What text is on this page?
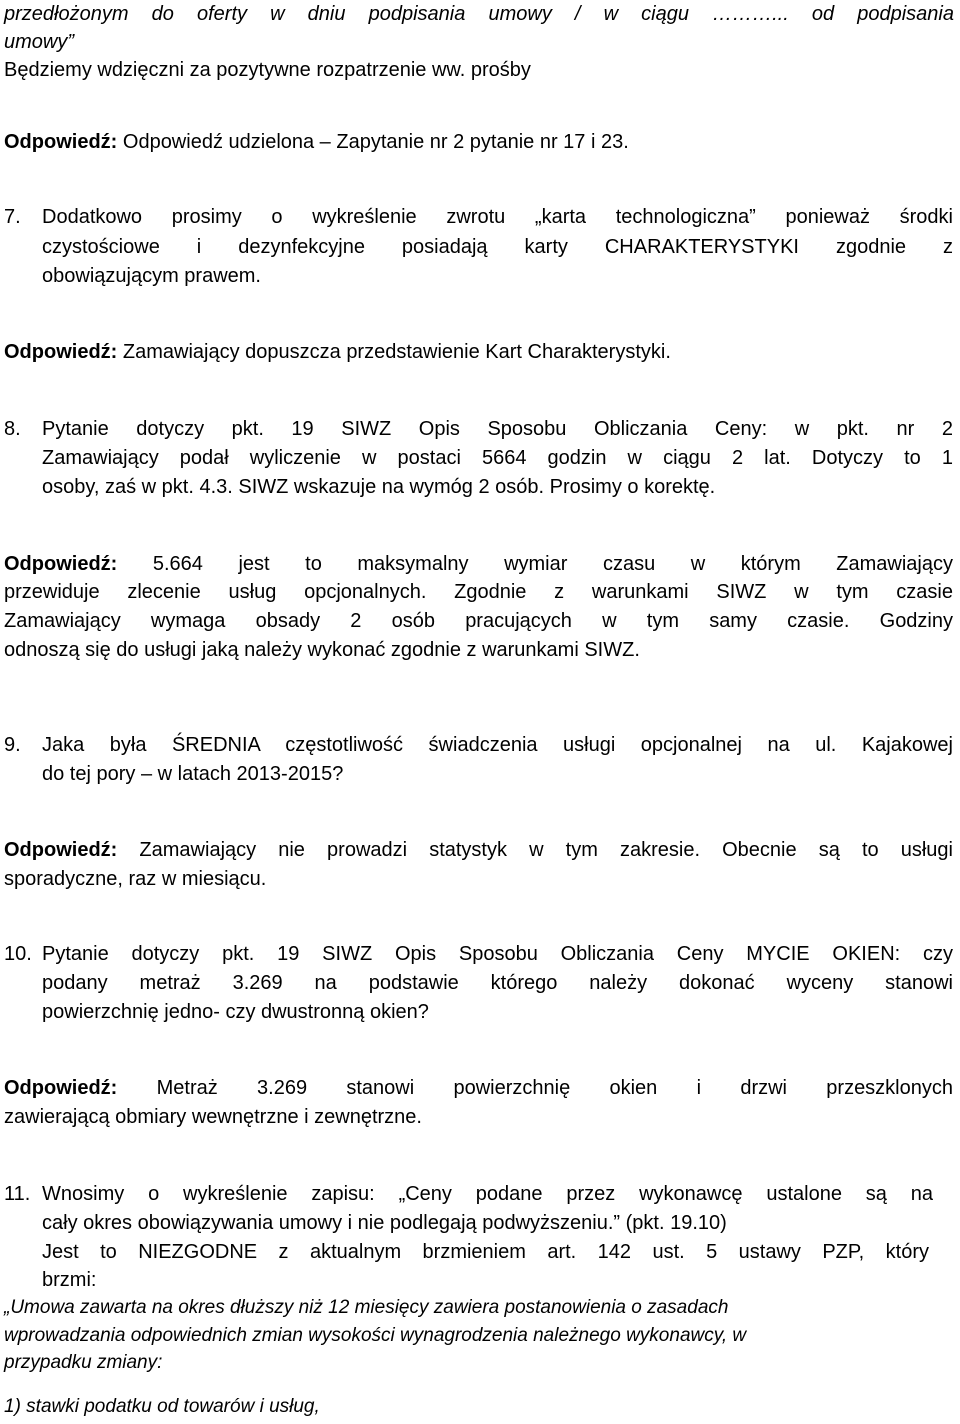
przedłożonym do oferty w dniu podpisania umowy / w ciągu ………... od podpisania
umowy”
Będziemy wdzięczni za pozytywne rozpatrzenie ww. prośby
Odpowiedź: Odpowiedź udzielona – Zapytanie nr 2 pytanie nr 17 i 23.
7. Dodatkowo prosimy o wykreślenie zwrotu „karta technologiczna” ponieważ środki
czystościowe i dezynfekcyjne posiadają karty CHARAKTERYSTYKI zgodnie z
obowiązującym prawem.
Odpowiedź: Zamawiający dopuszcza przedstawienie Kart Charakterystyki.
8. Pytanie dotyczy pkt. 19 SIWZ Opis Sposobu Obliczania Ceny: w pkt. nr 2
Zamawiający podał wyliczenie w postaci 5664 godzin w ciągu 2 lat. Dotyczy to 1
osoby, zaś w pkt. 4.3. SIWZ wskazuje na wymóg 2 osób. Prosimy o korektę.
Odpowiedź: 5.664 jest to maksymalny wymiar czasu w którym Zamawiający
przewiduje zlecenie usług opcjonalnych. Zgodnie z warunkami SIWZ w tym czasie
Zamawiający wymaga obsady 2 osób pracujących w tym samy czasie. Godziny
odnoszą się do usługi jaką należy wykonać zgodnie z warunkami SIWZ.
9. Jaka była ŚREDNIA częstotliwość świadczenia usługi opcjonalnej na ul. Kajakowej
do tej pory – w latach 2013-2015?
Odpowiedź: Zamawiający nie prowadzi statystyk w tym zakresie. Obecnie są to usługi
sporadyczne, raz w miesiącu.
10. Pytanie dotyczy pkt. 19 SIWZ Opis Sposobu Obliczania Ceny MYCIE OKIEN: czy
podany metraż 3.269 na podstawie którego należy dokonać wyceny stanowi
powierzchnię jedno- czy dwustronną okien?
Odpowiedź: Metraż 3.269 stanowi powierzchnię okien i drzwi przeszklonych
zawierającą obmiary wewnętrzne i zewnętrzne.
11. Wnosimy o wykreślenie zapisu: „Ceny podane przez wykonawcę ustalone są na
cały okres obowiązywania umowy i nie podlegają podwyższeniu.” (pkt. 19.10)
Jest to NIEZGODNE z aktualnym brzmieniem art. 142 ust. 5 ustawy PZP, który
brzmi:
„Umowa zawarta na okres dłuższy niż 12 miesięcy zawiera postanowienia o zasadach
wprowadzania odpowiednich zmian wysokości wynagrodzenia należnego wykonawcy, w
przypadku zmiany:
1) stawki podatku od towarów i usług,
